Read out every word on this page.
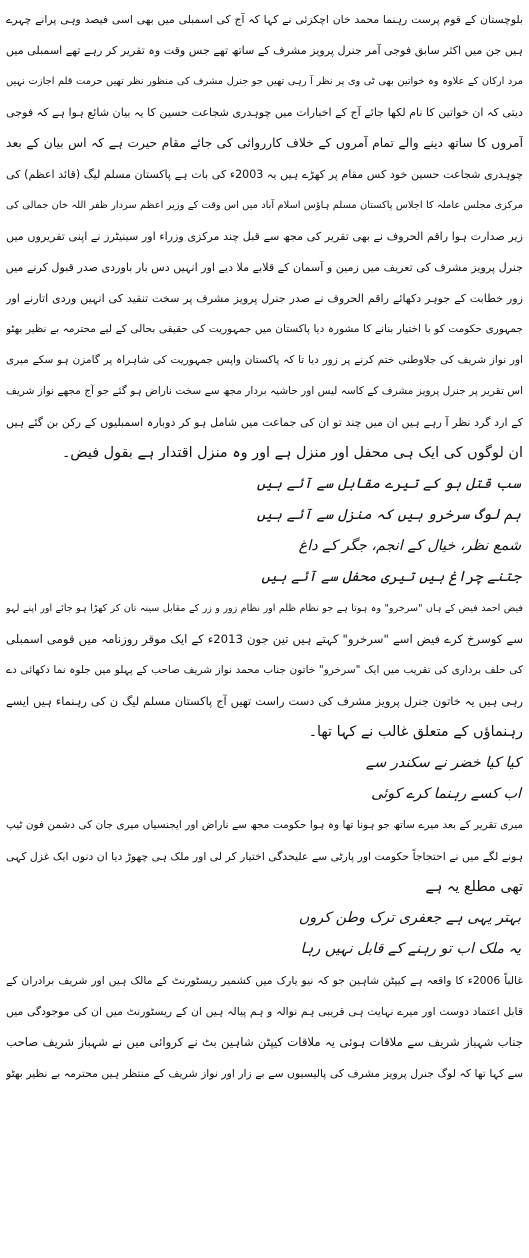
بلوچستان کے قوم پرست رہنما محمد خان اچکزئی نے کہا کہ آج کی اسمبلی میں بھی اسی فیصد وہی پرانے چہرے
ہیں جن میں اکثر سابق فوجی آمر جنرل پرویز مشرف کے ساتھ تھے جس وقت وہ تقریر کر رہے تھے اسمبلی میں
مرد ارکان کے علاوہ وہ خواتین بھی ٹی وی پر نظر آ رہی تھیں جو جنرل مشرف کی منظور نظر تھیں حرمت قلم اجازت نہیں
دیتی کہ ان خواتین کا نام لکھا جائے آج کے اخبارات میں چوہدری شجاعت حسین کا یہ بیان شائع ہوا ہے کہ فوجی
آمروں کا ساتھ دینے والے تمام آمروں کے خلاف کارروائی کی جائے مقام حیرت ہے کہ اس بیان کے بعد
چوہدری شجاعت حسین خود کس مقام پر کھڑے ہیں یہ 2003ء کی بات ہے پاکستان مسلم لیگ (قائد اعظم) کی
مرکزی مجلس عاملہ کا اجلاس پاکستان مسلم ہاؤس اسلام آباد میں اس وقت کے وزیر اعظم سردار ظفر اللہ خان جمالی کی
زیر صدارت ہوا راقم الحروف نے بھی تقریر کی مجھ سے قبل چند مرکزی وزراء اور سینیٹرز نے اپنی تقریروں میں
جنرل پرویز مشرف کی تعریف میں زمین و آسمان کے قلابے ملا دیے اور انہیں دس بار باوردی صدر قبول کرنے میں
زور خطابت کے جوہر دکھائے راقم الحروف نے صدر جنرل پرویز مشرف پر سخت تنقید کی انہیں وردی اتارنے اور
جمہوری حکومت کو با اختیار بنانے کا مشورہ دیا پاکستان میں جمہوریت کی حقیقی بحالی کے لیے محترمہ بے نظیر بھٹو
اور نواز شریف کی جلاوطنی ختم کرنے پر زور دیا تا کہ پاکستان واپس جمہوریت کی شاہراہ پر گامزن ہو سکے میری
اس تقریر پر جنرل پرویز مشرف کے کاسہ لیس اور حاشیہ بردار مجھ سے سخت ناراض ہو گئے جو آج مجھے نواز شریف
کے ارد گرد نظر آ رہے ہیں ان میں چند تو ان کی جماعت میں شامل ہو کر دوبارہ اسمبلیوں کے رکن بن گئے ہیں
ان لوگوں کی ایک ہی محفل اور منزل ہے اور وہ منزل اقتدار ہے بقول فیض۔
سب قتل ہو کے تیرے مقابل سے آئے ہیں
ہم لوگ سرخرو ہیں کہ منزل سے آئے ہیں
شمع نظر، خیال کے انجم، جگر کے داغ
جتنے چراغ ہیں تیری محفل سے آئے ہیں
فیض احمد فیض کے ہاں "سرخرو" وہ ہوتا ہے جو نظام ظلم اور نظام زور و زر کے مقابل سینہ تان کر کھڑا ہو جائے اور اپنے لہو
سے کوسرخ کرے فیض اسے "سرخرو" کہتے ہیں تین جون 2013ء کے ایک موقر روزنامہ میں قومی اسمبلی
کی حلف برداری کی تقریب میں ایک "سرخرو" خاتون جناب محمد نواز شریف صاحب کے پہلو میں جلوہ نما دکھائی دے
رہی ہیں یہ خاتون جنرل پرویز مشرف کی دست راست تھیں آج پاکستان مسلم لیگ ن کی رہنماء ہیں ایسے
رہنماؤں کے متعلق غالب نے کہا تھا۔
کیا کیا خضر نے سکندر سے
اب کسے رہنما کرے کوئی
میری تقریر کے بعد میرے ساتھ جو ہونا تھا وہ ہوا حکومت مجھ سے ناراض اور ایجنسیاں میری جان کی دشمن فون ٹیپ
ہونے لگے میں نے احتجاجاً حکومت اور پارٹی سے علیحدگی اختیار کر لی اور ملک ہی چھوڑ دیا ان دنوں ایک غزل کہی
تھی مطلع یہ ہے
بہتر یہی ہے جعفری ترک وطن کروں
یہ ملک اب تو رہنے کے قابل نہیں رہا
غالباً 2006ء کا واقعہ ہے کیپٹن شاہین جو کہ نیو یارک میں کشمیر ریسٹورنٹ کے مالک ہیں اور شریف برادران کے
قابل اعتماد دوست اور میرے نہایت ہی قریبی ہم نوالہ و ہم پیالہ ہیں ان کے ریسٹورنٹ میں ان کی موجودگی میں
جناب شہباز شریف سے ملاقات ہوئی یہ ملاقات کیپٹن شاہین بٹ نے کروائی میں نے شہباز شریف صاحب
سے کہا تھا کہ لوگ جنرل پرویز مشرف کی پالیسیوں سے بے زار اور نواز شریف کے منتظر ہیں محترمہ بے نظیر بھٹو
